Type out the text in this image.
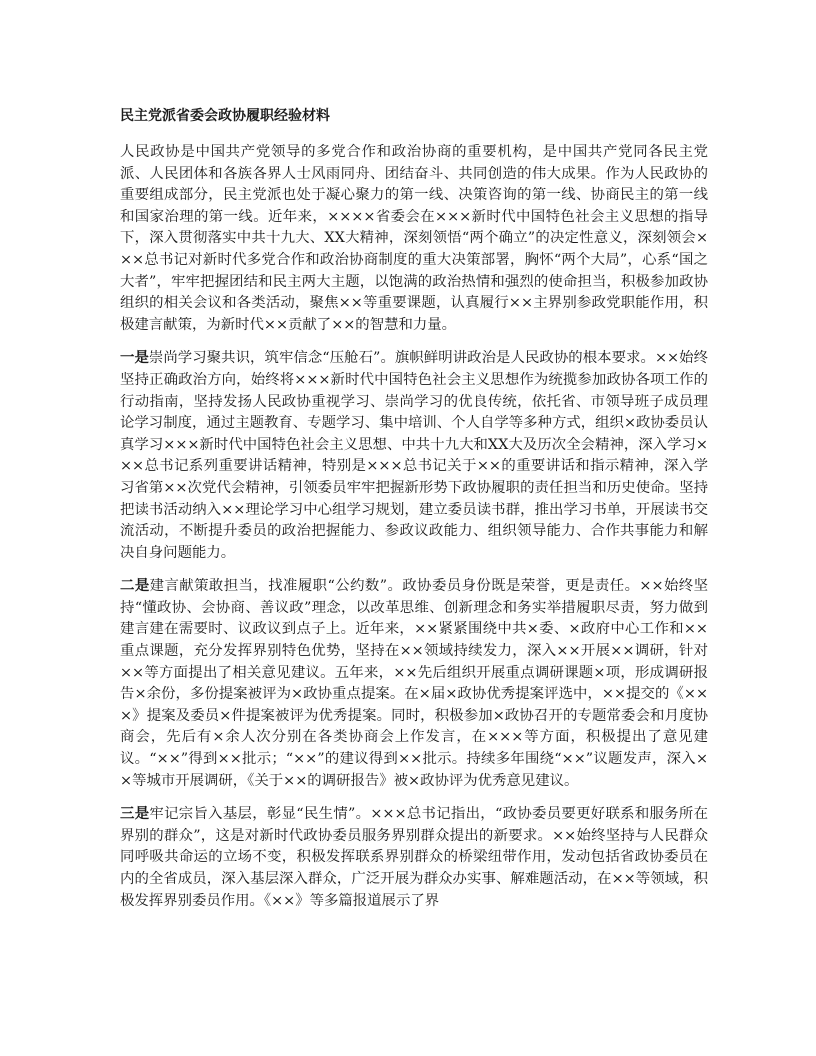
民主党派省委会政协履职经验材料

人民政协是中国共产党领导的多党合作和政治协商的重要机构，是中国共产党同各民主党派、人民团体和各族各界人士风雨同舟、团结奋斗、共同创造的伟大成果。作为人民政协的重要组成部分，民主党派也处于凝心聚力的第一线、决策咨询的第一线、协商民主的第一线和国家治理的第一线。近年来，××××省委会在×××新时代中国特色社会主义思想的指导下，深入贯彻落实中共十九大、XX大精神，深刻领悟“两个确立”的决定性意义，深刻领会×××总书记对新时代多党合作和政治协商制度的重大决策部署，胸怀“两个大局”，心系“国之大者”，牢牢把握团结和民主两大主题，以饱满的政治热情和强烈的使命担当，积极参加政协组织的相关会议和各类活动，聚焦××等重要课题，认真履行××主界别参政党职能作用，积极建言献策，为新时代××贡献了××的智慧和力量。

一是崇尚学习聚共识，筑牢信念“压舱石”。旗帜鲜明讲政治是人民政协的根本要求。××始终坚持正确政治方向，始终将×××新时代中国特色社会主义思想作为统揽参加政协各项工作的行动指南，坚持发扬人民政协重视学习、崇尚学习的优良传统，依托省、市领导班子成员理论学习制度，通过主题教育、专题学习、集中培训、个人自学等多种方式，组织×政协委员认真学习×××新时代中国特色社会主义思想、中共十九大和XX大及历次全会精神，深入学习×××总书记系列重要讲话精神，特别是×××总书记关于××的重要讲话和指示精神，深入学习省第××次党代会精神，引领委员牢牢把握新形势下政协履职的责任担当和历史使命。坚持把读书活动纳入××理论学习中心组学习规划，建立委员读书群，推出学习书单，开展读书交流活动，不断提升委员的政治把握能力、参政议政能力、组织领导能力、合作共事能力和解决自身问题能力。

二是建言献策敢担当，找准履职“公约数”。政协委员身份既是荣誉，更是责任。××始终坚持“懂政协、会协商、善议政”理念，以改革思维、创新理念和务实举措履职尽责，努力做到建言建在需要时、议政议到点子上。近年来，××紧紧围绕中共×委、×政府中心工作和××重点课题，充分发挥界别特色优势，坚持在××领域持续发力，深入××开展××调研，针对××等方面提出了相关意见建议。五年来，××先后组织开展重点调研课题×项，形成调研报告×余份，多份提案被评为×政协重点提案。在×届×政协优秀提案评选中，××提交的《×××》提案及委员×件提案被评为优秀提案。同时，积极参加×政协召开的专题常委会和月度协商会，先后有×余人次分别在各类协商会上作发言，在×××等方面，积极提出了意见建议。“××”得到××批示；“××”的建议得到××批示。持续多年围绕“××”议题发声，深入××等城市开展调研，《关于××的调研报告》被×政协评为优秀意见建议。

三是牢记宗旨入基层，彰显“民生情”。×××总书记指出，“政协委员要更好联系和服务所在界别的群众”，这是对新时代政协委员服务界别群众提出的新要求。××始终坚持与人民群众同呼吸共命运的立场不变，积极发挥联系界别群众的桥梁纽带作用，发动包括省政协委员在内的全省成员，深入基层深入群众，广泛开展为群众办实事、解难题活动，在××等领域，积极发挥界别委员作用。《××》等多篇报道展示了界
